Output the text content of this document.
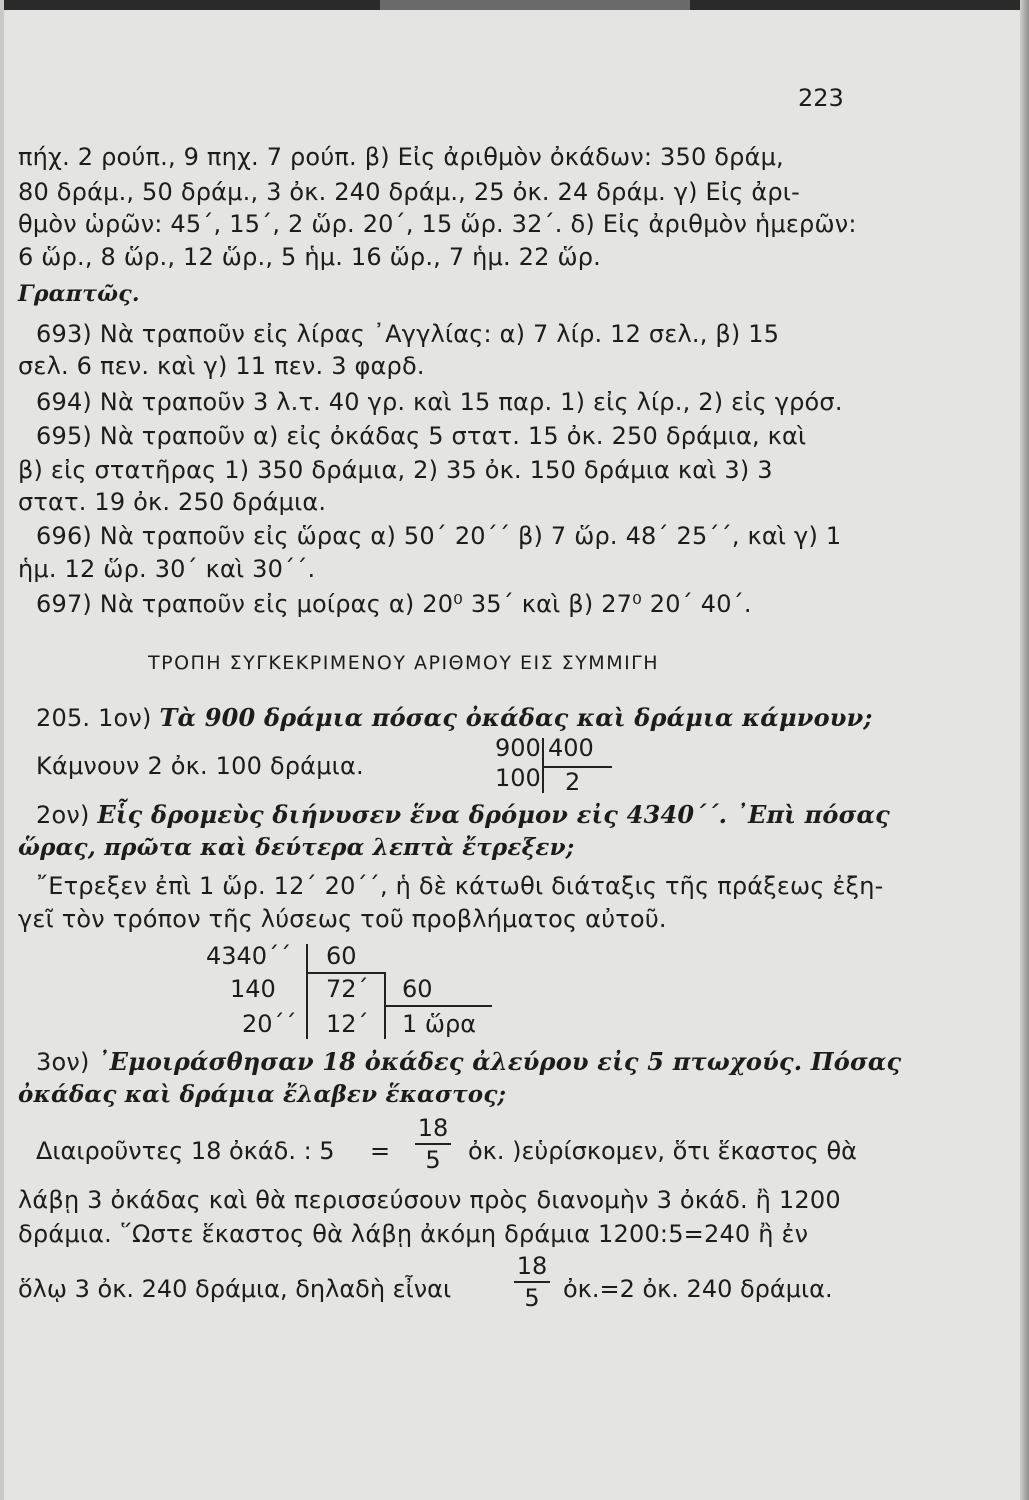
223
πήχ. 2 ρούπ., 9 πηχ. 7 ρούπ. β) Εἰς ἀριθμὸν ὀκάδων: 350 δράμ,
80 δράμ., 50 δράμ., 3 ὀκ. 240 δράμ., 25 ὀκ. 24 δράμ. γ) Εἰς ἀρι-
θμὸν ὡρῶν: 45΄, 15΄, 2 ὥρ. 20΄, 15 ὥρ. 32΄. δ) Εἰς ἀριθμὸν ἡμερῶν:
6 ὥρ., 8 ὥρ., 12 ὥρ., 5 ἡμ. 16 ὥρ., 7 ἡμ. 22 ὥρ.
Γραπτῶς.
693) Νὰ τραποῦν εἰς λίρας ᾽Αγγλίας: α) 7 λίρ. 12 σελ., β) 15
σελ. 6 πεν. καὶ γ) 11 πεν. 3 φαρδ.
694) Νὰ τραποῦν 3 λ.τ. 40 γρ. καὶ 15 παρ. 1) εἰς λίρ., 2) εἰς γρόσ.
695) Νὰ τραποῦν α) εἰς ὀκάδας 5 στατ. 15 ὀκ. 250 δράμια, καὶ
β) εἰς στατῆρας 1) 350 δράμια, 2) 35 ὀκ. 150 δράμια καὶ 3) 3
στατ. 19 ὀκ. 250 δράμια.
696) Νὰ τραποῦν εἰς ὥρας α) 50΄ 20΄΄ β) 7 ὥρ. 48΄ 25΄΄, καὶ γ) 1
ἡμ. 12 ὥρ. 30΄ καὶ 30΄΄.
697) Νὰ τραποῦν εἰς μοίρας α) 20⁰ 35΄ καὶ β) 27⁰ 20΄ 40΄.
ΤΡΟΠΗ ΣΥΓΚΕΚΡΙΜΕΝΟΥ ΑΡΙΘΜΟΥ ΕΙΣ ΣΥΜΜΙΓΗ
205. 1ον) Τὰ 900 δράμια πόσας ὀκάδας καὶ δράμια κάμνουν;
Κάμνουν 2 ὀκ. 100 δράμια.
900 400
100 2
2ον) Εἷς δρομεὺς διήνυσεν ἕνα δρόμον εἰς 4340΄΄. ᾽Επὶ πόσας
ὥρας, πρῶτα καὶ δεύτερα λεπτὰ ἔτρεξεν;
῎Ετρεξεν ἐπὶ 1 ὥρ. 12΄ 20΄΄, ἡ δὲ κάτωθι διάταξις τῆς πράξεως ἐξη-
γεῖ τὸν τρόπον τῆς λύσεως τοῦ προβλήματος αὐτοῦ.
4340΄΄
140
20΄΄
60
72΄
12΄
60
1 ὥρα
3ον) ᾽Εμοιράσθησαν 18 ὀκάδες ἀλεύρου εἰς 5 πτωχούς. Πόσας
ὀκάδας καὶ δράμια ἔλαβεν ἕκαστος;
Διαιροῦντες 18 ὀκάδ. : 5 =
18
5	ὀκ. )εὑρίσκομεν, ὅτι ἕκαστος θὰ
λάβῃ 3 ὀκάδας καὶ θὰ περισσεύσουν πρὸς διανομὴν 3 ὀκάδ. ἢ 1200
δράμια. ῞Ωστε ἕκαστος θὰ λάβῃ ἀκόμη δράμια 1200:5=240 ἢ ἐν
ὅλῳ 3 ὀκ. 240 δράμια, δηλαδὴ εἶναι
18
5 ὀκ.=2 ὀκ. 240 δράμια.
